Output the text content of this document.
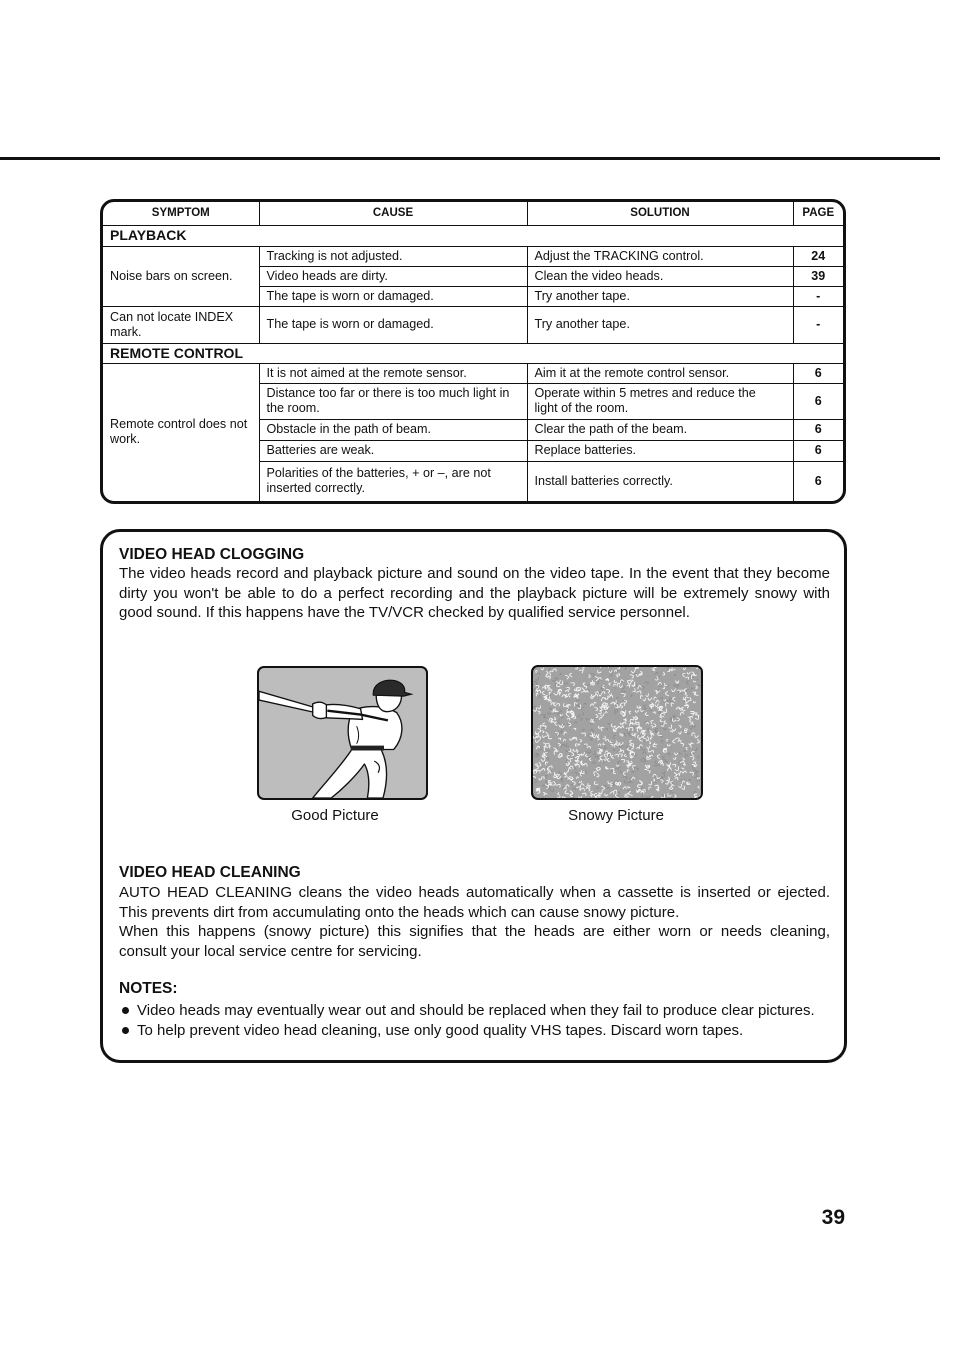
SYMPTOM	CAUSE	SOLUTION	PAGE
PLAYBACK			
Noise bars on screen.	Tracking is not adjusted.	Adjust the TRACKING control.	24
	Video heads are dirty.	Clean the video heads.	39
	The tape is worn or damaged.	Try another tape.	-
Can not locate INDEX mark.	The tape is worn or damaged.	Try another tape.	-
REMOTE CONTROL			
Remote control does not work.	It is not aimed at the remote sensor.	Aim it at the remote control sensor.	6
	Distance too far or there is too much light in the room.	Operate within 5 metres and reduce the light of the room.	6
	Obstacle in the path of beam.	Clear the path of the beam.	6
	Batteries are weak.	Replace batteries.	6
	Polarities of the batteries, + or –, are not inserted correctly.	Install batteries correctly.	6
VIDEO HEAD CLOGGING
The video heads record and playback picture and sound on the video tape. In the event that they become
dirty you won't be able to do a perfect recording and the playback picture will be extremely snowy with
good sound. If this happens have the TV/VCR checked by qualified service personnel.
Good Picture	Snowy Picture
VIDEO HEAD CLEANING
AUTO HEAD CLEANING cleans the video heads automatically when a cassette is inserted or ejected.
This prevents dirt from accumulating onto the heads which can cause snowy picture.
When this happens (snowy picture) this signifies that the heads are either worn or needs cleaning,
consult your local service centre for servicing.
NOTES:
Video heads may eventually wear out and should be replaced when they fail to produce clear pictures.
To help prevent video head cleaning, use only good quality VHS tapes. Discard worn tapes.
39
